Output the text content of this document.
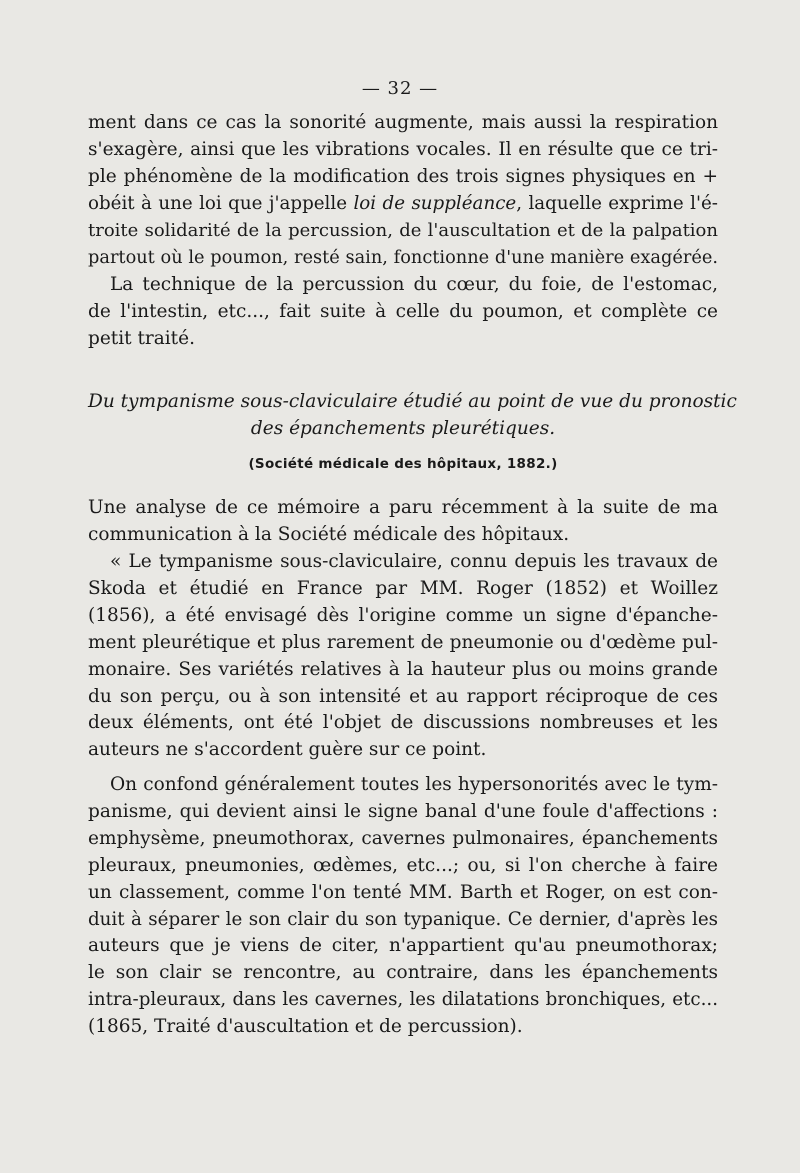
— 32 —

ment dans ce cas la sonorité augmente, mais aussi la respiration
s'exagère, ainsi que les vibrations vocales. Il en résulte que ce tri-
ple phénomène de la modification des trois signes physiques en +
obéit à une loi que j'appelle loi de suppléance, laquelle exprime l'é-
troite solidarité de la percussion, de l'auscultation et de la palpation
partout où le poumon, resté sain, fonctionne d'une manière exagérée.

La technique de la percussion du cœur, du foie, de l'estomac,
de l'intestin, etc..., fait suite à celle du poumon, et complète ce
petit traité.

Du tympanisme sous-claviculaire étudié au point de vue du pronostic
des épanchements pleurétiques.
(Société médicale des hôpitaux, 1882.)

Une analyse de ce mémoire a paru récemment à la suite de ma
communication à la Société médicale des hôpitaux.

« Le tympanisme sous-claviculaire, connu depuis les travaux de
Skoda et étudié en France par MM. Roger (1852) et Woillez
(1856), a été envisagé dès l'origine comme un signe d'épanche-
ment pleurétique et plus rarement de pneumonie ou d'œdème pul-
monaire. Ses variétés relatives à la hauteur plus ou moins grande
du son perçu, ou à son intensité et au rapport réciproque de ces
deux éléments, ont été l'objet de discussions nombreuses et les
auteurs ne s'accordent guère sur ce point.

On confond généralement toutes les hypersonorités avec le tym-
panisme, qui devient ainsi le signe banal d'une foule d'affections :
emphysème, pneumothorax, cavernes pulmonaires, épanchements
pleuraux, pneumonies, œdèmes, etc...; ou, si l'on cherche à faire
un classement, comme l'on tenté MM. Barth et Roger, on est con-
duit à séparer le son clair du son typanique. Ce dernier, d'après les
auteurs que je viens de citer, n'appartient qu'au pneumothorax;
le son clair se rencontre, au contraire, dans les épanchements
intra-pleuraux, dans les cavernes, les dilatations bronchiques, etc...
(1865, Traité d'auscultation et de percussion).
